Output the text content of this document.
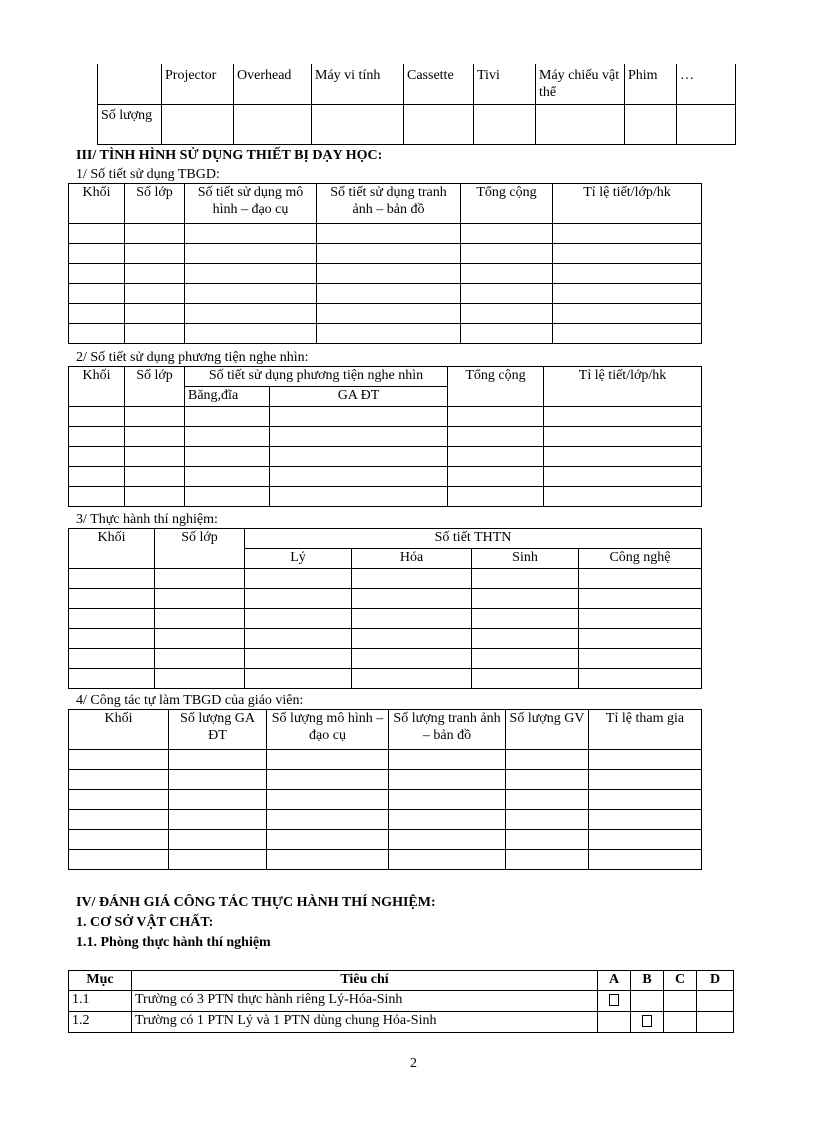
	Projector	Overhead	Máy vi tính	Cassette	Tivi	Máy chiếu vật thể	Phim	…
Số lượng								
III/ TÌNH HÌNH SỬ DỤNG THIẾT BỊ DẠY HỌC:
1/ Số tiết sử dụng TBGD:
Khối	Số lớp	Số tiết sử dụng mô hình – đạo cụ	Số tiết sử dụng tranh ảnh – bản đồ	Tổng cộng	Tỉ lệ tiết/lớp/hk

2/ Số tiết sử dụng phương tiện nghe nhìn:
Khối	Số lớp	Số tiết sử dụng phương tiện nghe nhìn		Tổng cộng	Tỉ lệ tiết/lớp/hk
		Băng,đĩa	GA ĐT		

3/ Thực hành thí nghiệm:
Khối	Số lớp	Số tiết THTN			
		Lý	Hóa	Sinh	Công nghệ

4/ Công tác tự làm TBGD của giáo viên:
Khối	Số lượng GA ĐT	Số lượng mô hình – đạo cụ	Số lượng tranh ảnh – bản đồ	Số lượng GV	Tỉ lệ tham gia

IV/ ĐÁNH GIÁ CÔNG TÁC THỰC HÀNH THÍ NGHIỆM:
1. CƠ SỞ VẬT CHẤT:
1.1. Phòng thực hành thí nghiệm
Mục	Tiêu chí	A	B	C	D
1.1	Trường có 3 PTN thực hành riêng Lý-Hóa-Sinh				
1.2	Trường có 1 PTN Lý và 1 PTN dùng chung Hóa-Sinh				
2
